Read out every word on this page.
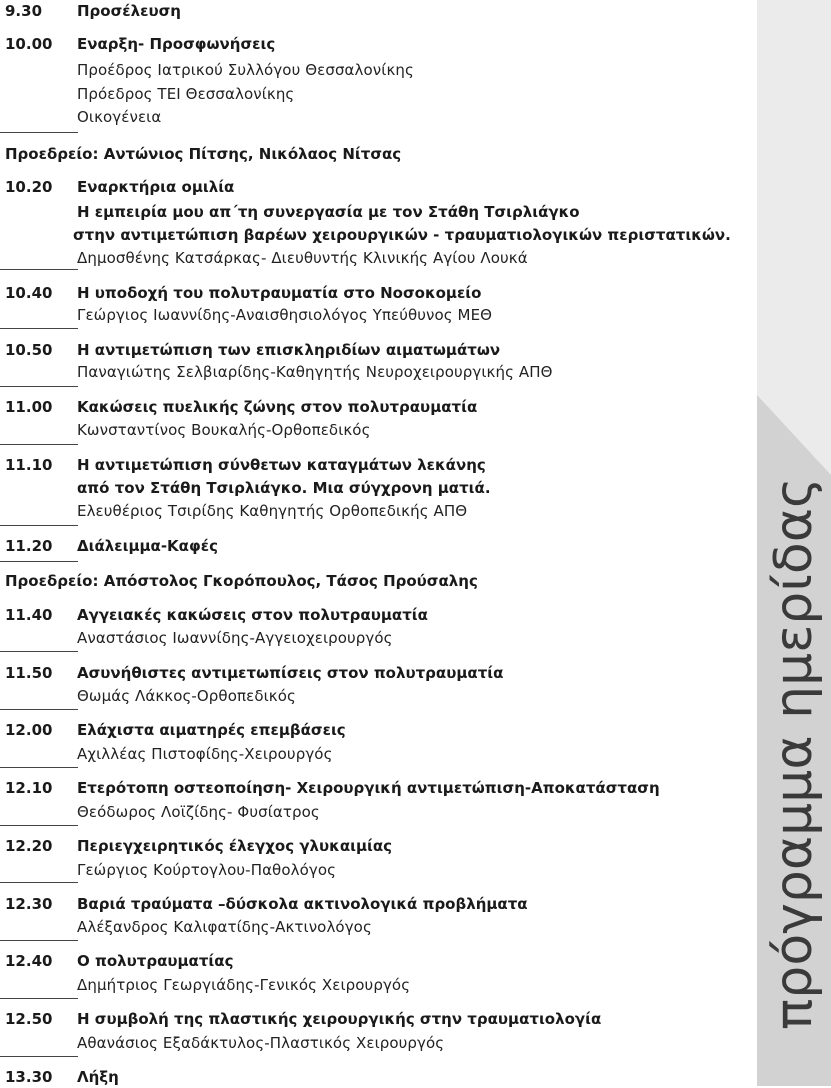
9.30 Προσέλευση
10.00 Εναρξη- Προσφωνήσεις
Προέδρος Ιατρικού Συλλόγου Θεσσαλονίκης
Πρόεδρος ΤΕΙ Θεσσαλονίκης
Οικογένεια
Προεδρείο: Αντώνιος Πίτσης, Νικόλαος Νίτσας
10.20 Εναρκτήρια ομιλία
Η εμπειρία μου απ΄τη συνεργασία με τον Στάθη Τσιρλιάγκο
στην αντιμετώπιση βαρέων χειρουργικών - τραυματιολογικών περιστατικών.
Δημοσθένης Κατσάρκας- Διευθυντής Κλινικής Αγίου Λουκά
10.40 Η υποδοχή του πολυτραυματία στο Νοσοκομείο
Γεώργιος Ιωαννίδης-Αναισθησιολόγος Υπεύθυνος ΜΕΘ
10.50 Η αντιμετώπιση των επισκληριδίων αιματωμάτων
Παναγιώτης Σελβιαρίδης-Καθηγητής Νευροχειρουργικής ΑΠΘ
11.00 Κακώσεις πυελικής ζώνης στον πολυτραυματία
Κωνσταντίνος Βουκαλής-Ορθοπεδικός
11.10 Η αντιμετώπιση σύνθετων καταγμάτων λεκάνης
από τον Στάθη Τσιρλιάγκο. Μια σύγχρονη ματιά.
Ελευθέριος Τσιρίδης Καθηγητής Ορθοπεδικής ΑΠΘ
11.20 Διάλειμμα-Καφές
Προεδρείο: Απόστολος Γκορόπουλος, Τάσος Προύσαλης
11.40 Αγγειακές κακώσεις στον πολυτραυματία
Αναστάσιος Ιωαννίδης-Αγγειοχειρουργός
11.50 Ασυνήθιστες αντιμετωπίσεις στον πολυτραυματία
Θωμάς Λάκκος-Ορθοπεδικός
12.00 Ελάχιστα αιματηρές επεμβάσεις
Αχιλλέας Πιστοφίδης-Χειρουργός
12.10 Ετερότοπη οστεοποίηση- Χειρουργική αντιμετώπιση-Αποκατάσταση
Θεόδωρος Λοϊζίδης- Φυσίατρος
12.20 Περιεγχειρητικός έλεγχος γλυκαιμίας
Γεώργιος Κούρτογλου-Παθολόγος
12.30 Βαριά τραύματα –δύσκολα ακτινολογικά προβλήματα
Αλέξανδρος Καλιφατίδης-Ακτινολόγος
12.40 Ο πολυτραυματίας
Δημήτριος Γεωργιάδης-Γενικός Χειρουργός
12.50 Η συμβολή της πλαστικής χειρουργικής στην τραυματιολογία
Αθανάσιος Εξαδάκτυλος-Πλαστικός Χειρουργός
13.30 Λήξη
πρόγραμμα ημερίδας
